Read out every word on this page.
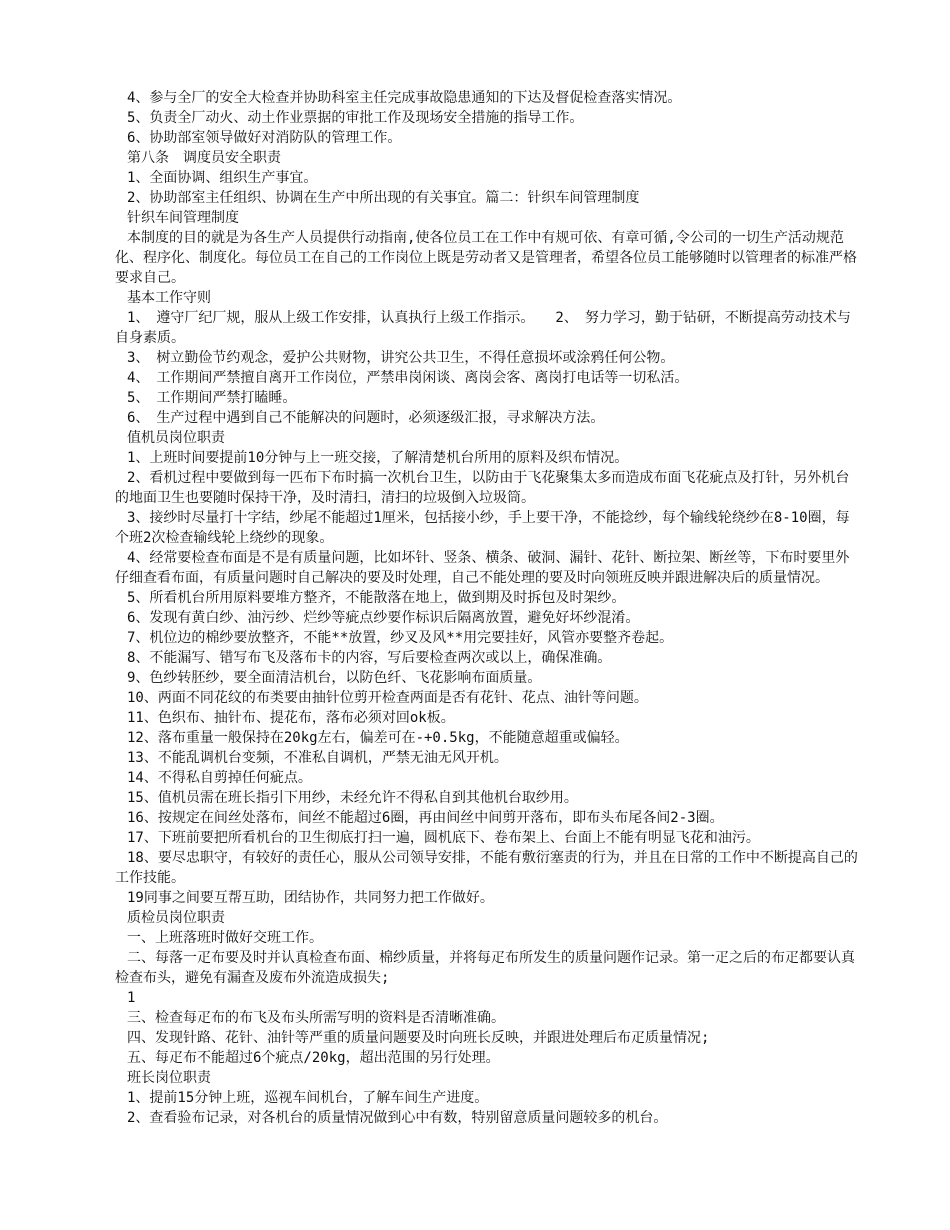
4、参与全厂的安全大检查并协助科室主任完成事故隐患通知的下达及督促检查落实情况。

5、负责全厂动火、动土作业票据的审批工作及现场安全措施的指导工作。

6、协助部室领导做好对消防队的管理工作。

第八条　调度员安全职责

1、全面协调、组织生产事宜。

2、协助部室主任组织、协调在生产中所出现的有关事宜。篇二：针织车间管理制度

针织车间管理制度

本制度的目的就是为各生产人员提供行动指南,使各位员工在工作中有规可依、有章可循,令公司的一切生产活动规范化、程序化、制度化。每位员工在自己的工作岗位上既是劳动者又是管理者，希望各位员工能够随时以管理者的标准严格要求自己。

基本工作守则

1、　遵守厂纪厂规，服从上级工作安排，认真执行上级工作指示。　　2、　努力学习，勤于钻研，不断提高劳动技术与自身素质。

3、　树立勤俭节约观念，爱护公共财物，讲究公共卫生，不得任意损坏或涂鸦任何公物。

4、　工作期间严禁擅自离开工作岗位，严禁串岗闲谈、离岗会客、离岗打电话等一切私活。

5、　工作期间严禁打瞌睡。

6、　生产过程中遇到自己不能解决的问题时，必须逐级汇报，寻求解决方法。

值机员岗位职责

1、上班时间要提前10分钟与上一班交接，了解清楚机台所用的原料及织布情况。

2、看机过程中要做到每一匹布下布时搞一次机台卫生，以防由于飞花聚集太多而造成布面飞花疵点及打针，另外机台的地面卫生也要随时保持干净，及时清扫，清扫的垃圾倒入垃圾筒。

3、接纱时尽量打十字结，纱尾不能超过1厘米，包括接小纱，手上要干净，不能捻纱，每个输线轮绕纱在8-10圈，每个班2次检查输线轮上绕纱的现象。

4、经常要检查布面是不是有质量问题，比如坏针、竖条、横条、破洞、漏针、花针、断拉架、断丝等，下布时要里外仔细查看布面，有质量问题时自己解决的要及时处理，自己不能处理的要及时向领班反映并跟进解决后的质量情况。

5、所看机台所用原料要堆方整齐，不能散落在地上，做到期及时拆包及时架纱。

6、发现有黄白纱、油污纱、烂纱等疵点纱要作标识后隔离放置，避免好坏纱混淆。

7、机位边的棉纱要放整齐，不能**放置，纱叉及风**用完要挂好，风管亦要整齐卷起。

8、不能漏写、错写布飞及落布卡的内容，写后要检查两次或以上，确保准确。

9、色纱转胚纱，要全面清洁机台，以防色纤、飞花影响布面质量。

10、两面不同花纹的布类要由抽针位剪开检查两面是否有花针、花点、油针等问题。

11、色织布、抽针布、提花布，落布必须对回ok板。

12、落布重量一般保持在20kg左右，偏差可在-+0.5kg，不能随意超重或偏轻。

13、不能乱调机台变频，不准私自调机，严禁无油无风开机。

14、不得私自剪掉任何疵点。

15、值机员需在班长指引下用纱，未经允许不得私自到其他机台取纱用。

16、按规定在间丝处落布，间丝不能超过6圈，再由间丝中间剪开落布，即布头布尾各间2-3圈。

17、下班前要把所看机台的卫生彻底打扫一遍，圆机底下、卷布架上、台面上不能有明显飞花和油污。

18、要尽忠职守，有较好的责任心，服从公司领导安排，不能有敷衍塞责的行为，并且在日常的工作中不断提高自己的工作技能。

19同事之间要互帮互助，团结协作，共同努力把工作做好。

质检员岗位职责

一、上班落班时做好交班工作。

二、每落一疋布要及时并认真检查布面、棉纱质量，并将每疋布所发生的质量问题作记录。第一疋之后的布疋都要认真检查布头，避免有漏查及废布外流造成损失;

1

三、检查每疋布的布飞及布头所需写明的资料是否清晰准确。

四、发现针路、花针、油针等严重的质量问题要及时向班长反映，并跟进处理后布疋质量情况;

五、每疋布不能超过6个疵点/20kg，超出范围的另行处理。

班长岗位职责

1、提前15分钟上班，巡视车间机台，了解车间生产进度。

2、查看验布记录，对各机台的质量情况做到心中有数，特别留意质量问题较多的机台。
